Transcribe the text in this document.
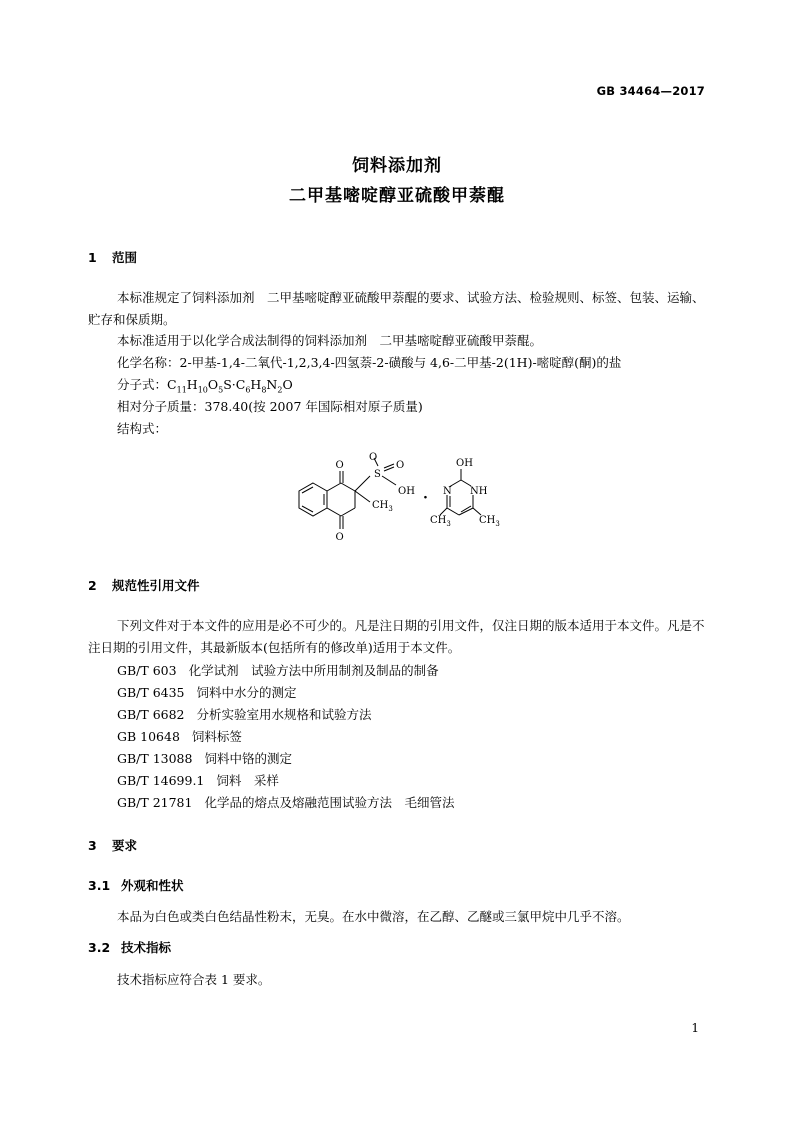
GB 34464—2017
饲料添加剂
二甲基嘧啶醇亚硫酸甲萘醌
1 范围
本标准规定了饲料添加剂　二甲基嘧啶醇亚硫酸甲萘醌的要求、试验方法、检验规则、标签、包装、运输、贮存和保质期。
本标准适用于以化学合成法制得的饲料添加剂　二甲基嘧啶醇亚硫酸甲萘醌。
化学名称：2-甲基-1,4-二氧代-1,2,3,4-四氢萘-2-磺酸与 4,6-二甲基-2(1H)-嘧啶醇(酮)的盐
分子式：$C_{11}H_{10}O_5S\cdot C_6H_8N_2O$
相对分子质量：378.40(按 2007 年国际相对原子质量)
结构式：
O
O
S
O
O
OH
$CH_3$
·
OH
N NH
$CH_3$	$CH_3$
2 规范性引用文件
下列文件对于本文件的应用是必不可少的。凡是注日期的引用文件，仅注日期的版本适用于本文件。凡是不注日期的引用文件，其最新版本(包括所有的修改单)适用于本文件。
GB/T 603 化学试剂　试验方法中所用制剂及制品的制备
GB/T 6435 饲料中水分的测定
GB/T 6682 分析实验室用水规格和试验方法
GB 10648 饲料标签
GB/T 13088 饲料中铬的测定
GB/T 14699.1 饲料　采样
GB/T 21781 化学品的熔点及熔融范围试验方法　毛细管法
3 要求
3.1 外观和性状
本品为白色或类白色结晶性粉末，无臭。在水中微溶，在乙醇、乙醚或三氯甲烷中几乎不溶。
3.2 技术指标
技术指标应符合表 1 要求。
1
